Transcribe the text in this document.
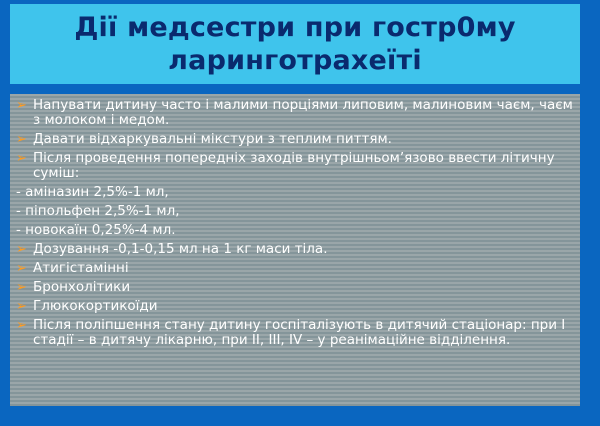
Дії медсестри при гостр0му
ларинготрахеїті
➢ Напувати дитину часто і малими порціями липовим, малиновим чаєм, чаєм з молоком і медом.
➢ Давати відхаркувальні мікстури з теплим питтям.
➢ Після проведення попередніх заходів внутрішньом’язово ввести літичну суміш:
- аміназин 2,5%-1 мл,
- піпольфен 2,5%-1 мл,
- новокаїн 0,25%-4 мл.
➢ Дозування -0,1-0,15 мл на 1 кг маси тіла.
➢ Атигістамінні
➢ Бронхолітики
➢ Глюкокортикоїди
➢ Після поліпшення стану дитину госпіталізують в дитячий стаціонар: при І стадії – в дитячу лікарню, при ІІ, ІІІ, IV – у реанімаційне відділення.
